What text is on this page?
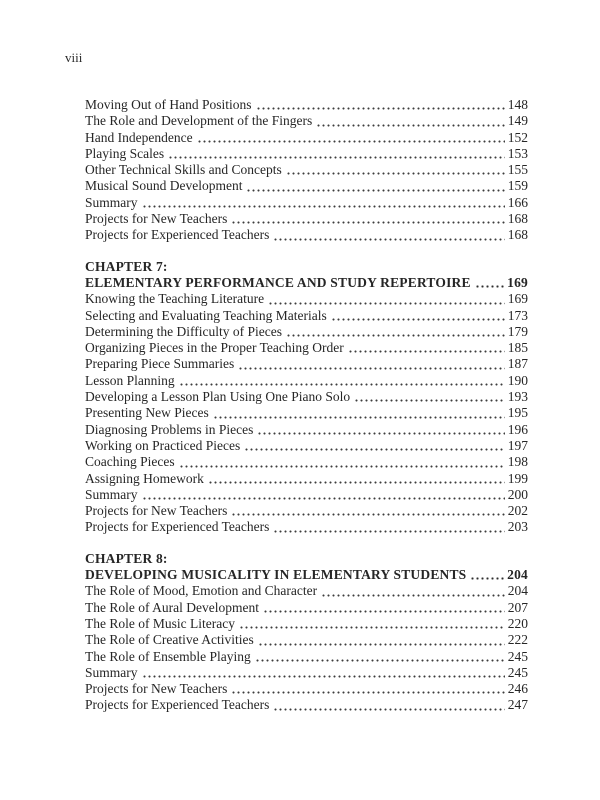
viii
Moving Out of Hand Positions	148
The Role and Development of the Fingers	149
Hand Independence	152
Playing Scales	153
Other Technical Skills and Concepts	155
Musical Sound Development	159
Summary	166
Projects for New Teachers	168
Projects for Experienced Teachers	168
CHAPTER 7:
ELEMENTARY PERFORMANCE AND STUDY REPERTOIRE	169
Knowing the Teaching Literature	169
Selecting and Evaluating Teaching Materials	173
Determining the Difficulty of Pieces	179
Organizing Pieces in the Proper Teaching Order	185
Preparing Piece Summaries	187
Lesson Planning	190
Developing a Lesson Plan Using One Piano Solo	193
Presenting New Pieces	195
Diagnosing Problems in Pieces	196
Working on Practiced Pieces	197
Coaching Pieces	198
Assigning Homework	199
Summary	200
Projects for New Teachers	202
Projects for Experienced Teachers	203
CHAPTER 8:
DEVELOPING MUSICALITY IN ELEMENTARY STUDENTS	204
The Role of Mood, Emotion and Character	204
The Role of Aural Development	207
The Role of Music Literacy	220
The Role of Creative Activities	222
The Role of Ensemble Playing	245
Summary	245
Projects for New Teachers	246
Projects for Experienced Teachers	247
